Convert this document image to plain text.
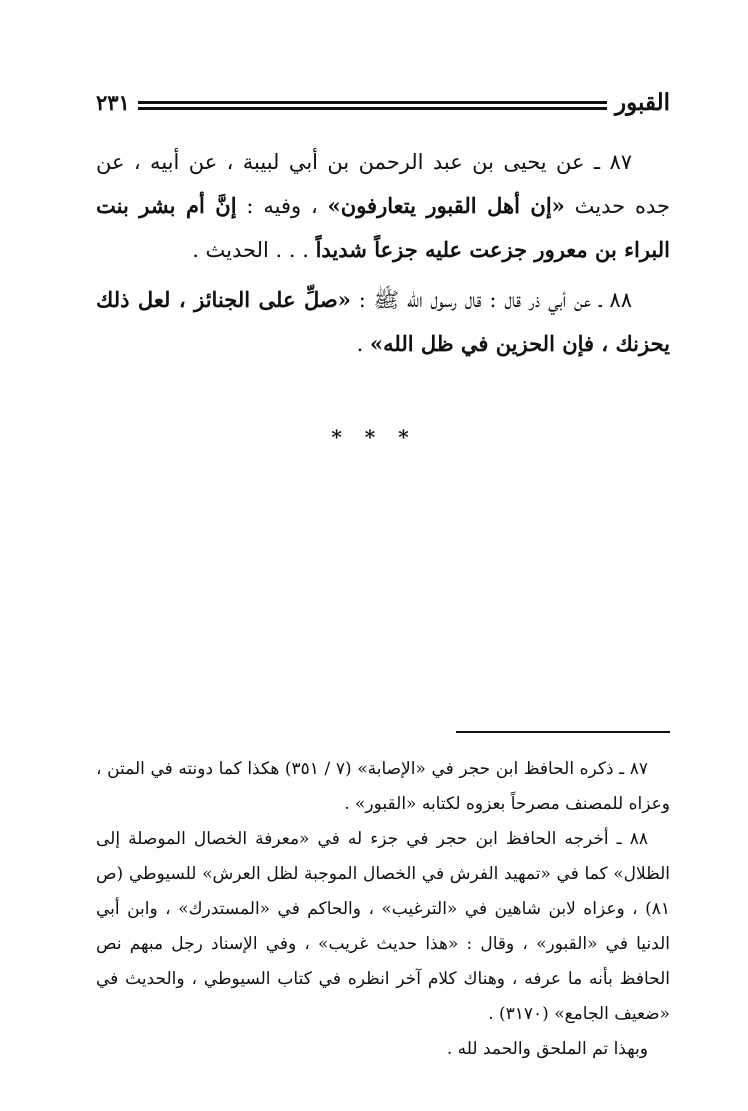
القبور
٢٣١

٨٧ ـ عن يحيى بن عبد الرحمن بن أبي لبيبة ، عن أبيه ، عن جده حديث «إن أهل القبور يتعارفون» ، وفيه : إنَّ أم بشر بنت البراء بن معرور جزعت عليه جزعاً شديداً . . . الحديث .

٨٨ ـ عن أبي ذر قال : قال رسول الله ﷺ : «صلِّ على الجنائز ، لعل ذلك يحزنك ، فإن الحزين في ظل الله» .

* * *

٨٧ ـ ذكره الحافظ ابن حجر في «الإصابة» (٧ / ٣٥١) هكذا كما دونته في المتن ، وعزاه للمصنف مصرحاً بعزوه لكتابه «القبور» .

٨٨ ـ أخرجه الحافظ ابن حجر في جزء له في «معرفة الخصال الموصلة إلى الظلال» كما في «تمهيد الفرش في الخصال الموجبة لظل العرش» للسيوطي (ص ٨١) ، وعزاه لابن شاهين في «الترغيب» ، والحاكم في «المستدرك» ، وابن أبي الدنيا في «القبور» ، وقال : «هذا حديث غريب» ، وفي الإسناد رجل مبهم نص الحافظ بأنه ما عرفه ، وهناك كلام آخر انظره في كتاب السيوطي ، والحديث في «ضعيف الجامع» (٣١٧٠) .

وبهذا تم الملحق والحمد لله .
